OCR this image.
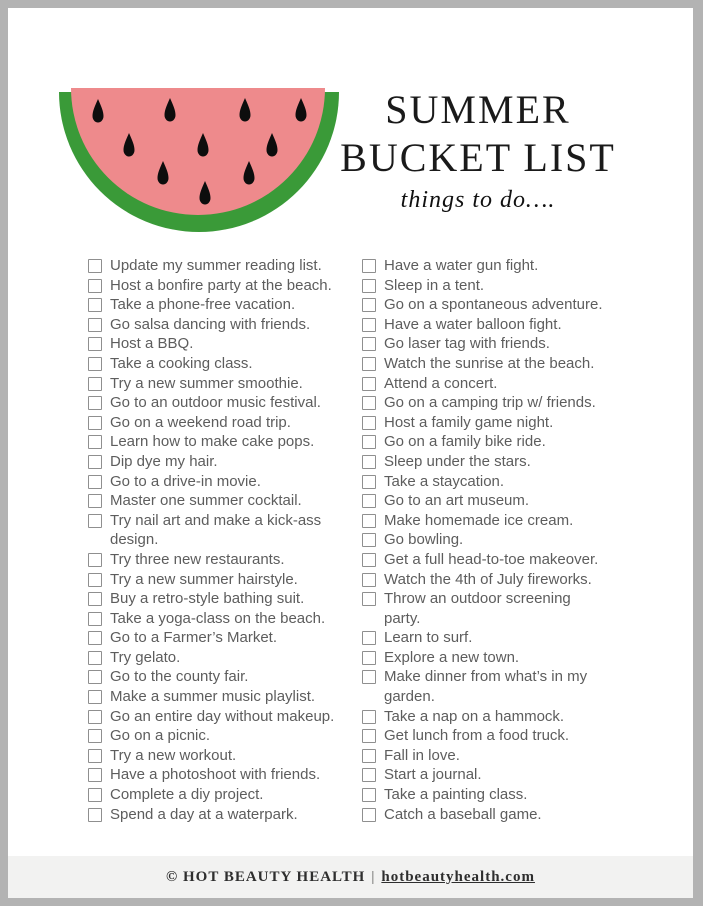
SUMMER
BUCKET LIST
things to do….
Update my summer reading list.
Host a bonfire party at the beach.
Take a phone-free vacation.
Go salsa dancing with friends.
Host a BBQ.
Take a cooking class.
Try a new summer smoothie.
Go to an outdoor music festival.
Go on a weekend road trip.
Learn how to make cake pops.
Dip dye my hair.
Go to a drive-in movie.
Master one summer cocktail.
Try nail art and make a kick-ass
design.
Try three new restaurants.
Try a new summer hairstyle.
Buy a retro-style bathing suit.
Take a yoga-class on the beach.
Go to a Farmer’s Market.
Try gelato.
Go to the county fair.
Make a summer music playlist.
Go an entire day without makeup.
Go on a picnic.
Try a new workout.
Have a photoshoot with friends.
Complete a diy project.
Spend a day at a waterpark.
Have a water gun fight.
Sleep in a tent.
Go on a spontaneous adventure.
Have a water balloon fight.
Go laser tag with friends.
Watch the sunrise at the beach.
Attend a concert.
Go on a camping trip w/ friends.
Host a family game night.
Go on a family bike ride.
Sleep under the stars.
Take a staycation.
Go to an art museum.
Make homemade ice cream.
Go bowling.
Get a full head-to-toe makeover.
Watch the 4th of July fireworks.
Throw an outdoor screening
party.
Learn to surf.
Explore a new town.
Make dinner from what’s in my
garden.
Take a nap on a hammock.
Get lunch from a food truck.
Fall in love.
Start a journal.
Take a painting class.
Catch a baseball game.
© HOT BEAUTY HEALTH | hotbeautyhealth.com
